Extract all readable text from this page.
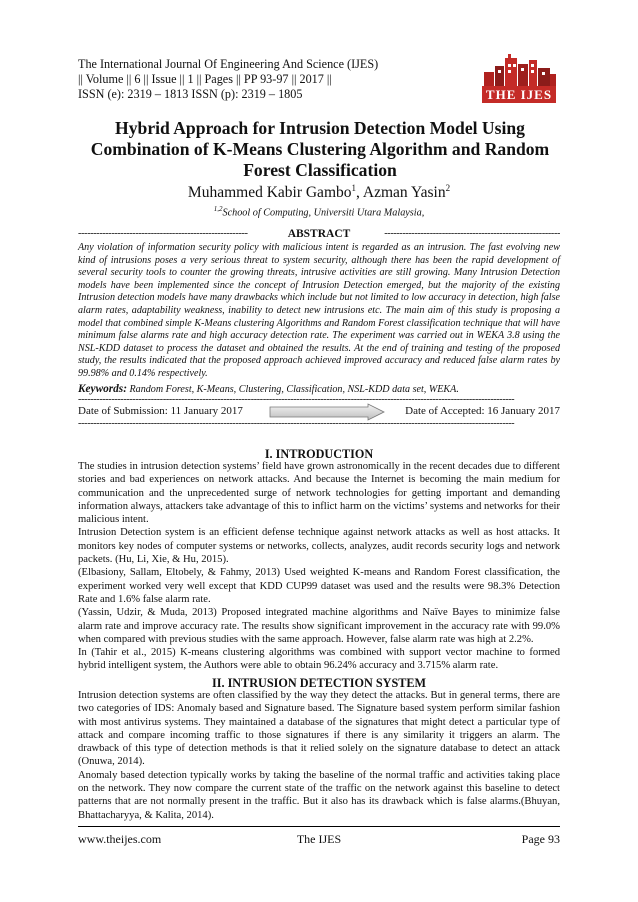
The International Journal Of Engineering And Science (IJES)
|| Volume || 6 || Issue || 1 || Pages || PP 93-97 || 2017 ||
ISSN (e): 2319 – 1813 ISSN (p): 2319 – 1805	THE IJES
Hybrid Approach for Intrusion Detection Model Using
Combination of K-Means Clustering Algorithm and Random
Forest Classification
Muhammed Kabir Gambo$^1$, Azman Yasin$^2$
$^{1,2}$School of Computing, Universiti Utara Malaysia,
--------------------------------------------------------	ABSTRACT	----------------------------------------------------------
Any violation of information security policy with malicious intent is regarded as an intrusion. The fast evolving new kind of intrusions poses a very serious threat to system security, although there has been the rapid development of several security tools to counter the growing threats, intrusive activities are still growing. Many Intrusion Detection models have been implemented since the concept of Intrusion Detection emerged, but the majority of the existing Intrusion detection models have many drawbacks which include but not limited to low accuracy in detection, high false alarm rates, adaptability weakness, inability to detect new intrusions etc. The main aim of this study is proposing a model that combined simple K-Means clustering Algorithms and Random Forest classification technique that will have minimum false alarms rate and high accuracy detection rate. The experiment was carried out in WEKA 3.8 using the NSL-KDD dataset to process the dataset and obtained the results. At the end of training and testing of the proposed study, the results indicated that the proposed approach achieved improved accuracy and reduced false alarm rates by 99.98% and 0.14% respectively.
Keywords: Random Forest, K-Means, Clustering, Classification, NSL-KDD data set, WEKA.
------------------------------------------------------------------------------------------------------------------------------------------------
Date of Submission: 11 January 2017	Date of Accepted: 16 January 2017
------------------------------------------------------------------------------------------------------------------------------------------------
I. INTRODUCTION

The studies in intrusion detection systems’ field have grown astronomically in the recent decades due to different stories and bad experiences on network attacks. And because the Internet is becoming the main medium for communication and the unprecedented surge of network technologies for getting important and demanding information always, attackers take advantage of this to inflict harm on the victims’ systems and networks for their malicious intent.

Intrusion Detection system is an efficient defense technique against network attacks as well as host attacks. It monitors key nodes of computer systems or networks, collects, analyzes, audit records security logs and network packets. (Hu, Li, Xie, & Hu, 2015).

(Elbasiony, Sallam, Eltobely, & Fahmy, 2013) Used weighted K-means and Random Forest classification, the experiment worked very well except that KDD CUP99 dataset was used and the results were 98.3% Detection Rate and 1.6% false alarm rate.

(Yassin, Udzir, & Muda, 2013) Proposed integrated machine algorithms and Naïve Bayes to minimize false alarm rate and improve accuracy rate. The results show significant improvement in the accuracy rate with 99.0% when compared with previous studies with the same approach. However, false alarm rate was high at 2.2%.

In (Tahir et al., 2015) K-means clustering algorithms was combined with support vector machine to formed hybrid intelligent system, the Authors were able to obtain 96.24% accuracy and 3.715% alarm rate.

II. INTRUSION DETECTION SYSTEM

Intrusion detection systems are often classified by the way they detect the attacks. But in general terms, there are two categories of IDS: Anomaly based and Signature based. The Signature based system perform similar fashion with most antivirus systems. They maintained a database of the signatures that might detect a particular type of attack and compare incoming traffic to those signatures if there is any similarity it triggers an alarm. The drawback of this type of detection methods is that it relied solely on the signature database to detect an attack (Onuwa, 2014).

Anomaly based detection typically works by taking the baseline of the normal traffic and activities taking place on the network. They now compare the current state of the traffic on the network against this baseline to detect patterns that are not normally present in the traffic. But it also has its drawback which is false alarms.(Bhuyan, Bhattacharyya, & Kalita, 2014).

www.theijes.com	The IJES	Page 93
